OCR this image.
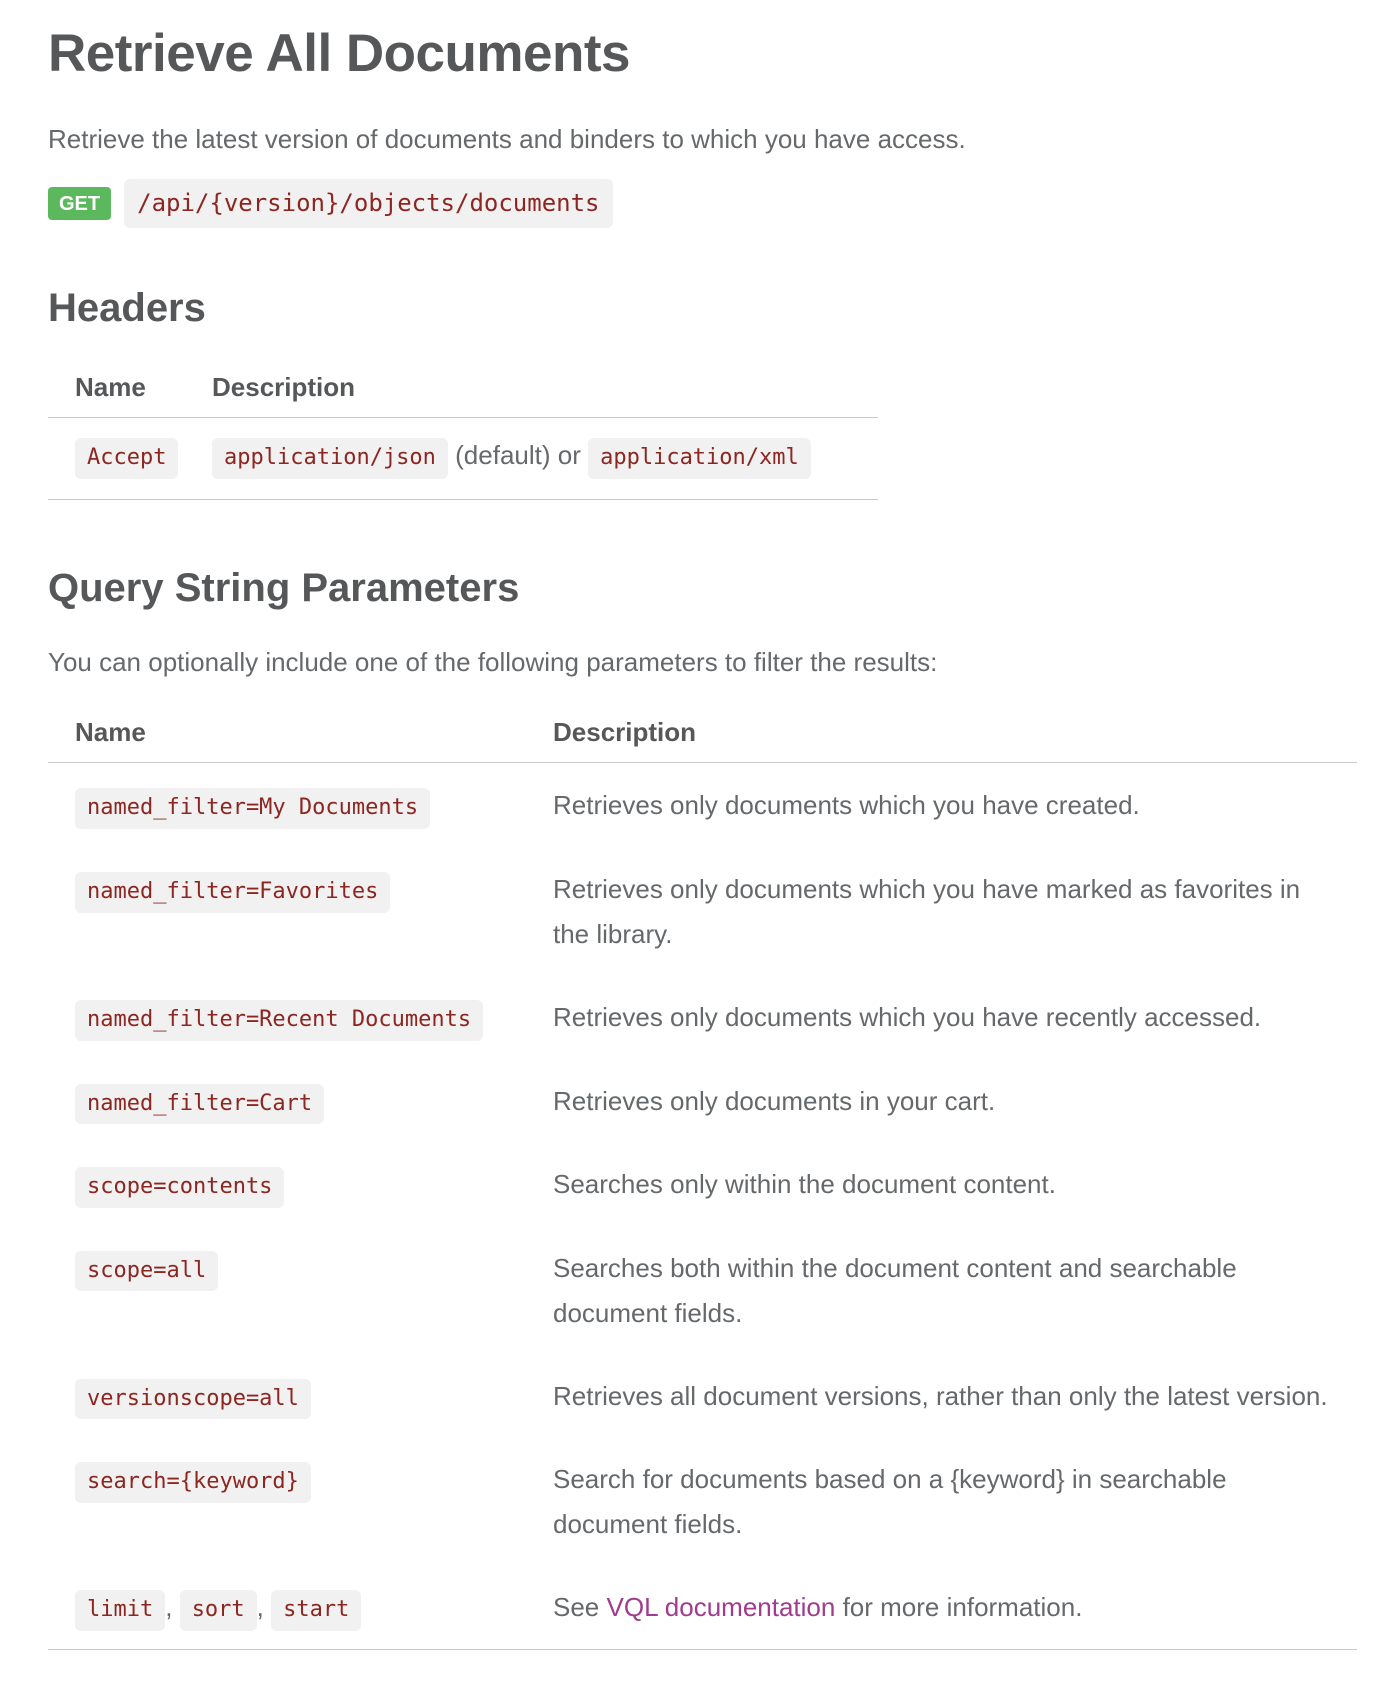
Retrieve All Documents

Retrieve the latest version of documents and binders to which you have access.

GET	/api/{version}/objects/documents
Headers
Name	Description
Accept	application/json (default) or application/xml
Query String Parameters

You can optionally include one of the following parameters to filter the results:

Name	Description
named_filter=My Documents	Retrieves only documents which you have created.
named_filter=Favorites	Retrieves only documents which you have marked as favorites in the library.
named_filter=Recent Documents	Retrieves only documents which you have recently accessed.
named_filter=Cart	Retrieves only documents in your cart.
scope=contents	Searches only within the document content.
scope=all	Searches both within the document content and searchable document fields.
versionscope=all	Retrieves all document versions, rather than only the latest version.
search={keyword}	Search for documents based on a {keyword} in searchable document fields.
limit , sort , start	See VQL documentation for more information.
